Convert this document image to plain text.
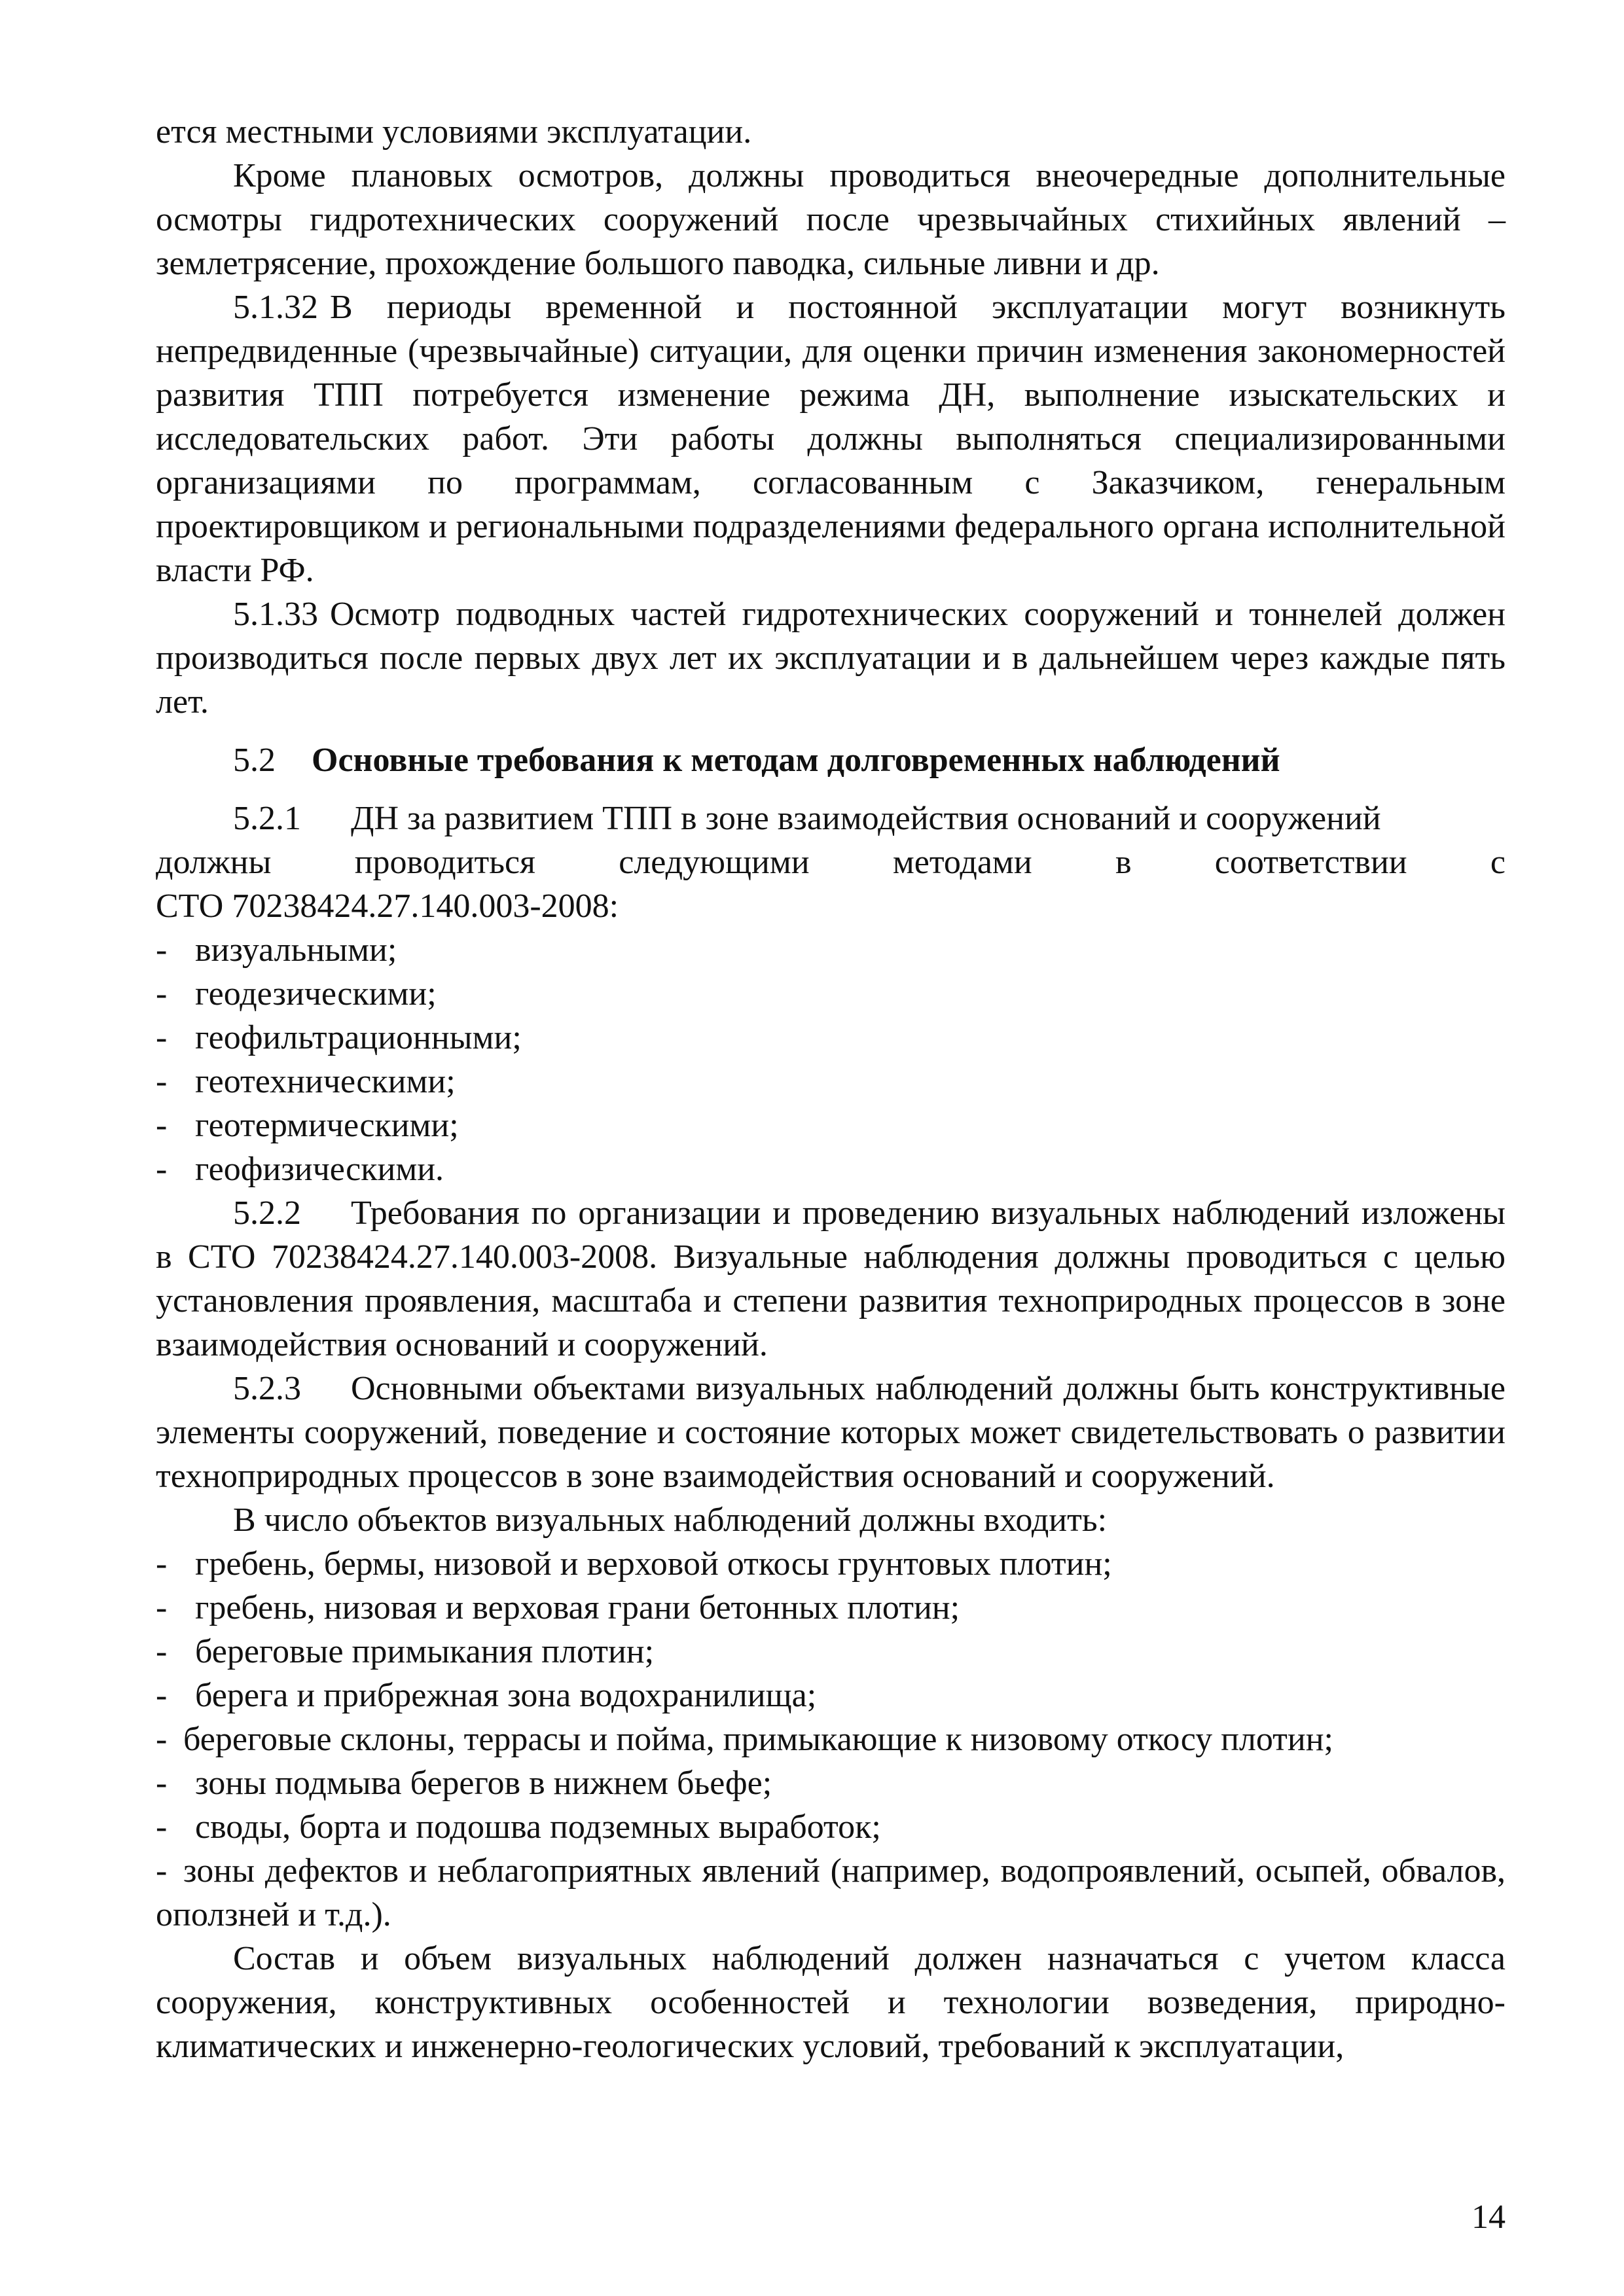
ется местными условиями эксплуатации.

Кроме плановых осмотров, должны проводиться внеочередные дополнительные осмотры гидротехнических сооружений после чрезвычайных стихийных явлений – землетрясение, прохождение большого паводка, сильные ливни и др.

5.1.32 В периоды временной и постоянной эксплуатации могут возникнуть непредвиденные (чрезвычайные) ситуации, для оценки причин изменения закономерностей развития ТПП потребуется изменение режима ДН, выполнение изыскательских и исследовательских работ. Эти работы должны выполняться специализированными организациями по программам, согласованным с Заказчиком, генеральным проектировщиком и региональными подразделениями федерального органа исполнительной власти РФ.

5.1.33 Осмотр подводных частей гидротехнических сооружений и тоннелей должен производиться после первых двух лет их эксплуатации и в дальнейшем через каждые пять лет.

5.2 Основные требования к методам долговременных наблюдений

5.2.1 ДН за развитием ТПП в зоне взаимодействия оснований и сооружений

должны проводиться следующими методами в соответствии с

СТО 70238424.27.140.003-2008:

- визуальными;

- геодезическими;

- геофильтрационными;

- геотехническими;

- геотермическими;

- геофизическими.

5.2.2 Требования по организации и проведению визуальных наблюдений изложены в СТО 70238424.27.140.003-2008. Визуальные наблюдения должны проводиться с целью установления проявления, масштаба и степени развития техноприродных процессов в зоне взаимодействия оснований и сооружений.

5.2.3 Основными объектами визуальных наблюдений должны быть конструктивные элементы сооружений, поведение и состояние которых может свидетельствовать о развитии техноприродных процессов в зоне взаимодействия оснований и сооружений.

В число объектов визуальных наблюдений должны входить:

- гребень, бермы, низовой и верховой откосы грунтовых плотин;

- гребень, низовая и верховая грани бетонных плотин;

- береговые примыкания плотин;

- берега и прибрежная зона водохранилища;

- береговые склоны, террасы и пойма, примыкающие к низовому откосу плотин;

- зоны подмыва берегов в нижнем бьефе;

- своды, борта и подошва подземных выработок;

- зоны дефектов и неблагоприятных явлений (например, водопроявлений, осыпей, обвалов, оползней и т.д.).

Состав и объем визуальных наблюдений должен назначаться с учетом класса сооружения, конструктивных особенностей и технологии возведения, природно-климатических и инженерно-геологических условий, требований к эксплуатации,

14
